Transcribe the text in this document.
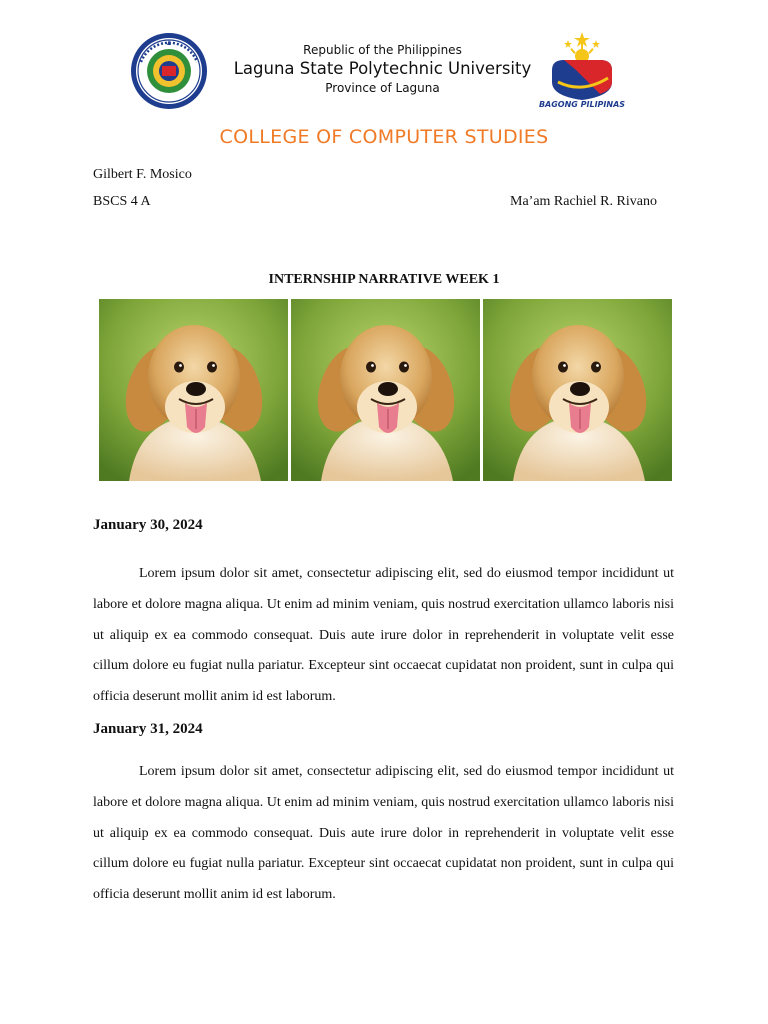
Republic of the Philippines
Laguna State Polytechnic University
Province of Laguna
BAGONG PILIPINAS
COLLEGE OF COMPUTER STUDIES
Gilbert F. Mosico
BSCS 4 A	Ma’am Rachiel R. Rivano
INTERNSHIP NARRATIVE WEEK 1
January 30, 2024
Lorem ipsum dolor sit amet, consectetur adipiscing elit, sed do eiusmod tempor incididunt ut labore et dolore magna aliqua. Ut enim ad minim veniam, quis nostrud exercitation ullamco laboris nisi ut aliquip ex ea commodo consequat. Duis aute irure dolor in reprehenderit in voluptate velit esse cillum dolore eu fugiat nulla pariatur. Excepteur sint occaecat cupidatat non proident, sunt in culpa qui officia deserunt mollit anim id est laborum.
January 31, 2024
Lorem ipsum dolor sit amet, consectetur adipiscing elit, sed do eiusmod tempor incididunt ut labore et dolore magna aliqua. Ut enim ad minim veniam, quis nostrud exercitation ullamco laboris nisi ut aliquip ex ea commodo consequat. Duis aute irure dolor in reprehenderit in voluptate velit esse cillum dolore eu fugiat nulla pariatur. Excepteur sint occaecat cupidatat non proident, sunt in culpa qui officia deserunt mollit anim id est laborum.
